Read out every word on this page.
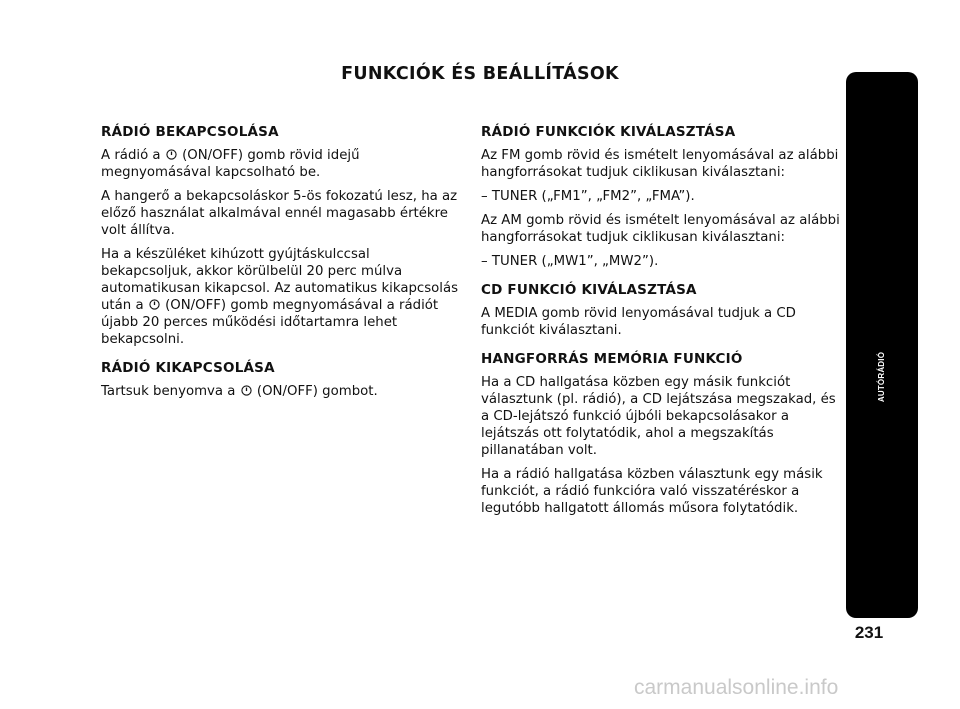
FUNKCIÓK ÉS BEÁLLÍTÁSOK
RÁDIÓ BEKAPCSOLÁSA

A rádió a (ON/OFF) gomb rövid idejű megnyomásával kapcsolható be.

A hangerő a bekapcsoláskor 5-ös fokozatú lesz, ha az előző használat alkalmával ennél magasabb értékre volt állítva.

Ha a készüléket kihúzott gyújtáskulccsal bekapcsoljuk, akkor körülbelül 20 perc múlva automatikusan kikapcsol. Az automatikus kikapcsolás után a (ON/OFF) gomb megnyomásával a rádiót újabb 20 perces működési időtartamra lehet bekapcsolni.

RÁDIÓ KIKAPCSOLÁSA

Tartsuk benyomva a (ON/OFF) gombot.

RÁDIÓ FUNKCIÓK KIVÁLASZTÁSA

Az FM gomb rövid és ismételt lenyomásával az alábbi hangforrásokat tudjuk ciklikusan kiválasztani:

– TUNER („FM1”, „FM2”, „FMA”).

Az AM gomb rövid és ismételt lenyomásával az alábbi hangforrásokat tudjuk ciklikusan kiválasztani:

– TUNER („MW1”, „MW2”).

CD FUNKCIÓ KIVÁLASZTÁSA

A MEDIA gomb rövid lenyomásával tudjuk a CD funkciót kiválasztani.

HANGFORRÁS MEMÓRIA FUNKCIÓ

Ha a CD hallgatása közben egy másik funkciót választunk (pl. rádió), a CD lejátszása megszakad, és a CD-lejátszó funkció újbóli bekapcsolásakor a lejátszás ott folytatódik, ahol a megszakítás pillanatában volt.

Ha a rádió hallgatása közben választunk egy másik funkciót, a rádió funkcióra való visszatéréskor a legutóbb hallgatott állomás műsora folytatódik.

AUTÓRÁDIÓ
231
carmanualsonline.info
